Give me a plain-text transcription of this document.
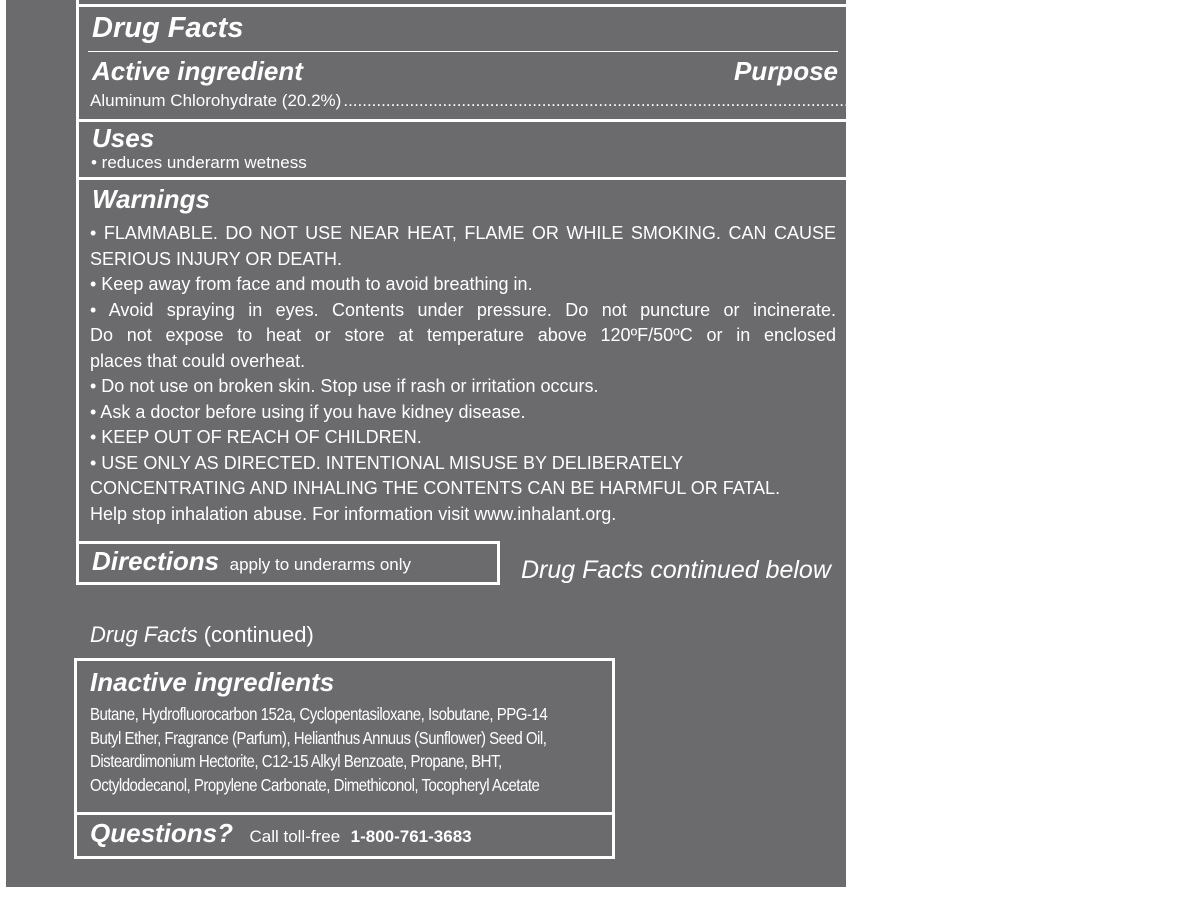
Drug Facts
Active ingredient	Purpose
Aluminum Chlorohydrate (20.2%) ................................................................................................................................................................ antiperspirant
Uses
• reduces underarm wetness
Warnings
• FLAMMABLE. DO NOT USE NEAR HEAT, FLAME OR WHILE SMOKING. CAN CAUSE
SERIOUS INJURY OR DEATH.
• Keep away from face and mouth to avoid breathing in.
• Avoid spraying in eyes. Contents under pressure. Do not puncture or incinerate.
Do not expose to heat or store at temperature above 120ºF/50ºC or in enclosed
places that could overheat.
• Do not use on broken skin. Stop use if rash or irritation occurs.
• Ask a doctor before using if you have kidney disease.
• KEEP OUT OF REACH OF CHILDREN.
• USE ONLY AS DIRECTED. INTENTIONAL MISUSE BY DELIBERATELY
CONCENTRATING AND INHALING THE CONTENTS CAN BE HARMFUL OR FATAL.
Help stop inhalation abuse. For information visit www.inhalant.org.
Directions apply to underarms only	Drug Facts continued below ▼
Drug Facts (continued)
Inactive ingredients
Butane, Hydrofluorocarbon 152a, Cyclopentasiloxane, Isobutane, PPG-14
Butyl Ether, Fragrance (Parfum), Helianthus Annuus (Sunflower) Seed Oil,
Disteardimonium Hectorite, C12-15 Alkyl Benzoate, Propane, BHT,
Octyldodecanol, Propylene Carbonate, Dimethiconol, Tocopheryl Acetate
Questions? Call toll-free 1-800-761-3683
